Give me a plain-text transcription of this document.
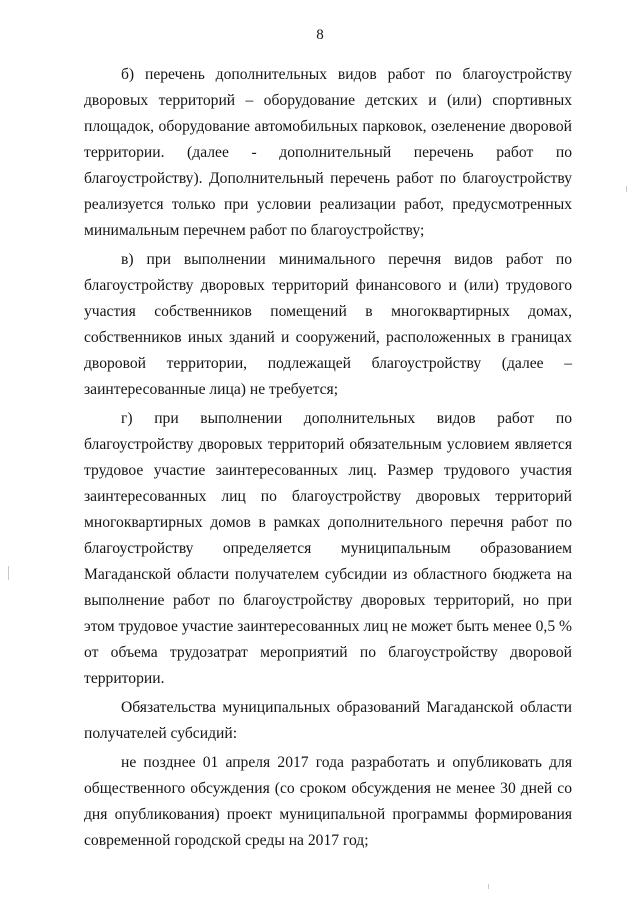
8

б) перечень дополнительных видов работ по благоустройству дворовых территорий – оборудование детских и (или) спортивных площадок, оборудование автомобильных парковок, озеленение дворовой территории. (далее - дополнительный перечень работ по благоустройству). Дополнительный перечень работ по благоустройству реализуется только при условии реализации работ, предусмотренных минимальным перечнем работ по благоустройству;

в) при выполнении минимального перечня видов работ по благоустройству дворовых территорий финансового и (или) трудового участия собственников помещений в многоквартирных домах, собственников иных зданий и сооружений, расположенных в границах дворовой территории, подлежащей благоустройству (далее – заинтересованные лица) не требуется;

г) при выполнении дополнительных видов работ по благоустройству дворовых территорий обязательным условием является трудовое участие заинтересованных лиц. Размер трудового участия заинтересованных лиц по благоустройству дворовых территорий многоквартирных домов в рамках дополнительного перечня работ по благоустройству определяется муниципальным образованием Магаданской области получателем субсидии из областного бюджета на выполнение работ по благоустройству дворовых территорий, но при этом трудовое участие заинтересованных лиц не может быть менее 0,5 % от объема трудозатрат мероприятий по благоустройству дворовой территории.

Обязательства муниципальных образований Магаданской области получателей субсидий:

не позднее 01 апреля 2017 года разработать и опубликовать для общественного обсуждения (со сроком обсуждения не менее 30 дней со дня опубликования) проект муниципальной программы формирования современной городской среды на 2017 год;
